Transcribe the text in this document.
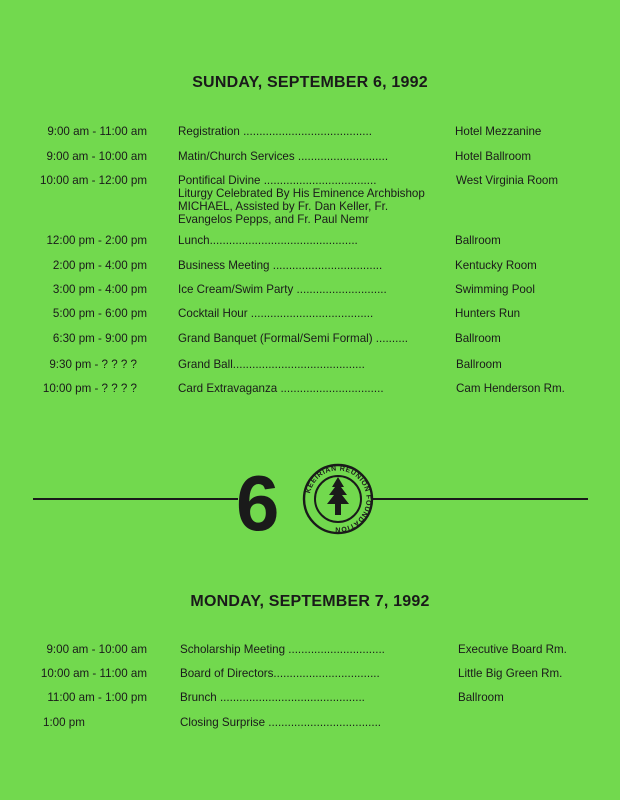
SUNDAY, SEPTEMBER 6, 1992
9:00 am - 11:00 am	Registration ........................................	Hotel Mezzanine
9:00 am - 10:00 am	Matin/Church Services ............................	Hotel Ballroom
10:00 am - 12:00 pm	Pontifical Divine ...................................	West Virginia Room
Liturgy Celebrated By His Eminence Archbishop
MICHAEL, Assisted by Fr. Dan Keller, Fr.
Evangelos Pepps, and Fr. Paul Nemr
12:00 pm - 2:00 pm	Lunch..............................................	Ballroom
2:00 pm - 4:00 pm	Business Meeting ..................................	Kentucky Room
3:00 pm - 4:00 pm	Ice Cream/Swim Party ............................	Swimming Pool
5:00 pm - 6:00 pm	Cocktail Hour ......................................	Hunters Run
6:30 pm - 9:00 pm	Grand Banquet (Formal/Semi Formal) ..........	Ballroom
9:30 pm - ? ? ? ?	Grand Ball.........................................	Ballroom
10:00 pm - ? ? ? ?	Card Extravaganza ................................	Cam Henderson Rm.
6	KEEIRIAN REUNION FOUNDATION
MONDAY, SEPTEMBER 7, 1992
9:00 am - 10:00 am	Scholarship Meeting ..............................	Executive Board Rm.
10:00 am - 11:00 am	Board of Directors.................................	Little Big Green Rm.
11:00 am - 1:00 pm	Brunch .............................................	Ballroom
1:00 pm	Closing Surprise ...................................
